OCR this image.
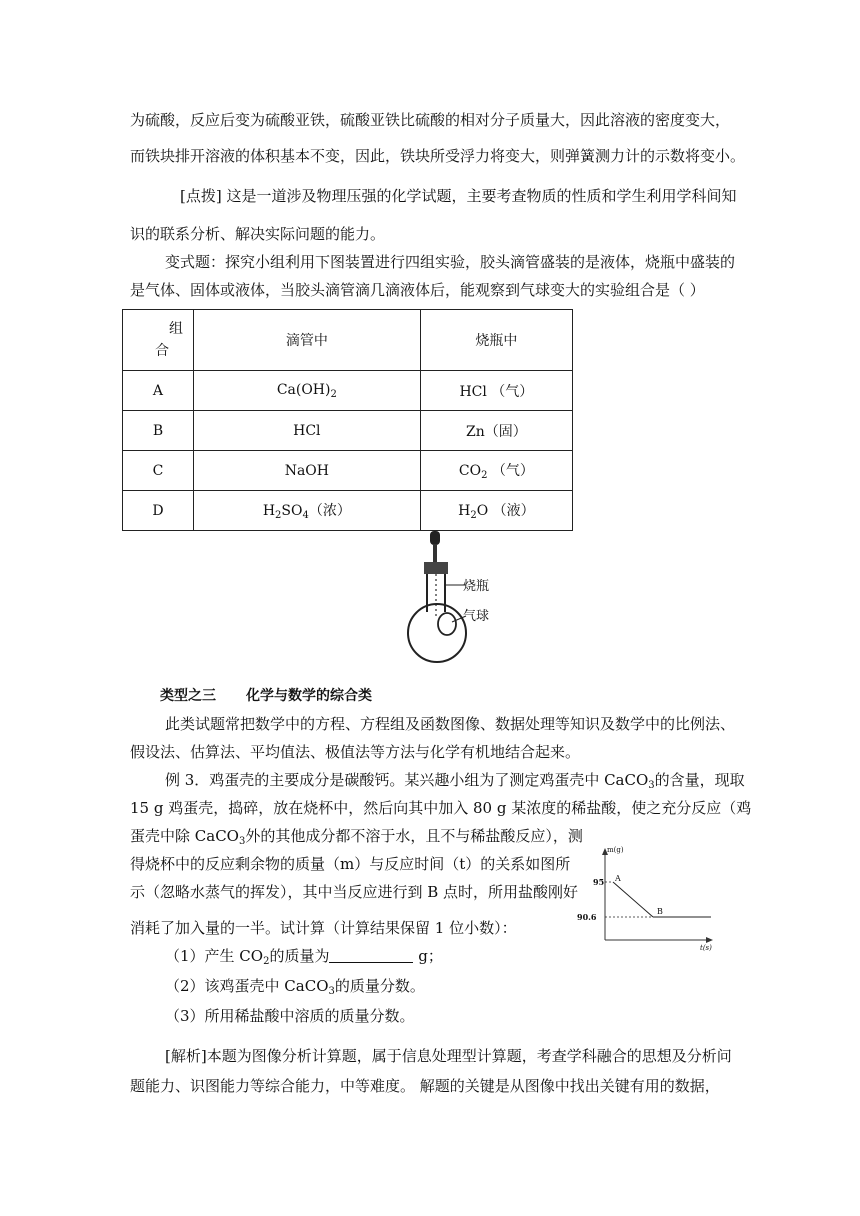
为硫酸，反应后变为硫酸亚铁，硫酸亚铁比硫酸的相对分子质量大，因此溶液的密度变大，
而铁块排开溶液的体积基本不变，因此，铁块所受浮力将变大，则弹簧测力计的示数将变小。
[点拨] 这是一道涉及物理压强的化学试题，主要考查物质的性质和学生利用学科间知
识的联系分析、解决实际问题的能力。
变式题：探究小组利用下图装置进行四组实验，胶头滴管盛装的是液体，烧瓶中盛装的
是气体、固体或液体，当胶头滴管滴几滴液体后，能观察到气球变大的实验组合是（ ）
组
合	滴管中	烧瓶中
A	$Ca(OH)_2$	HCl （气）
B	HCl	Zn（固）
C	NaOH	$CO_2$ （气）
D	$H_2SO_4$（浓）	$H_2O$ （液）
烧瓶
气球
类型之三 化学与数学的综合类
此类试题常把数学中的方程、方程组及函数图像、数据处理等知识及数学中的比例法、
假设法、估算法、平均值法、极值法等方法与化学有机地结合起来。
例 3．鸡蛋壳的主要成分是碳酸钙。某兴趣小组为了测定鸡蛋壳中 CaCO$_3$的含量，现取
15 g 鸡蛋壳，捣碎，放在烧杯中，然后向其中加入 80 g 某浓度的稀盐酸，使之充分反应（鸡
蛋壳中除 CaCO$_3$外的其他成分都不溶于水，且不与稀盐酸反应），测
得烧杯中的反应剩余物的质量（m）与反应时间（t）的关系如图所
示（忽略水蒸气的挥发），其中当反应进行到 B 点时，所用盐酸刚好
消耗了加入量的一半。试计算（计算结果保留 1 位小数）：
（1）产生 $CO_2$的质量为	g；
（2）该鸡蛋壳中 CaCO$_3$的质量分数。
（3）所用稀盐酸中溶质的质量分数。
[解析]本题为图像分析计算题，属于信息处理型计算题，考查学科融合的思想及分析问
题能力、识图能力等综合能力，中等难度。 解题的关键是从图像中找出关键有用的数据，
m(g)
t(s)
A
B
95
90.6
